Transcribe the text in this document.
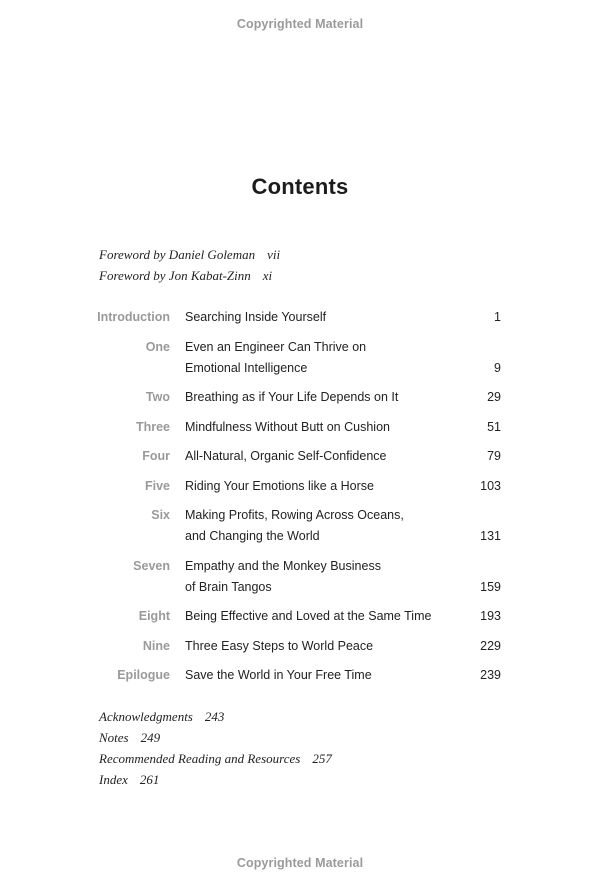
Copyrighted Material
Contents
Foreword by Daniel Goleman vii
Foreword by Jon Kabat-Zinn xi
Introduction Searching Inside Yourself	1
One Even an Engineer Can Thrive on
Emotional Intelligence	9
Two Breathing as if Your Life Depends on It	29
Three Mindfulness Without Butt on Cushion	51
Four All-Natural, Organic Self-Confidence	79
Five Riding Your Emotions like a Horse	103
Six Making Profits, Rowing Across Oceans,
and Changing the World	131
Seven Empathy and the Monkey Business
of Brain Tangos	159
Eight Being Effective and Loved at the Same Time	193
Nine Three Easy Steps to World Peace	229
Epilogue Save the World in Your Free Time	239
Acknowledgments 243
Notes 249
Recommended Reading and Resources 257
Index 261
Copyrighted Material
